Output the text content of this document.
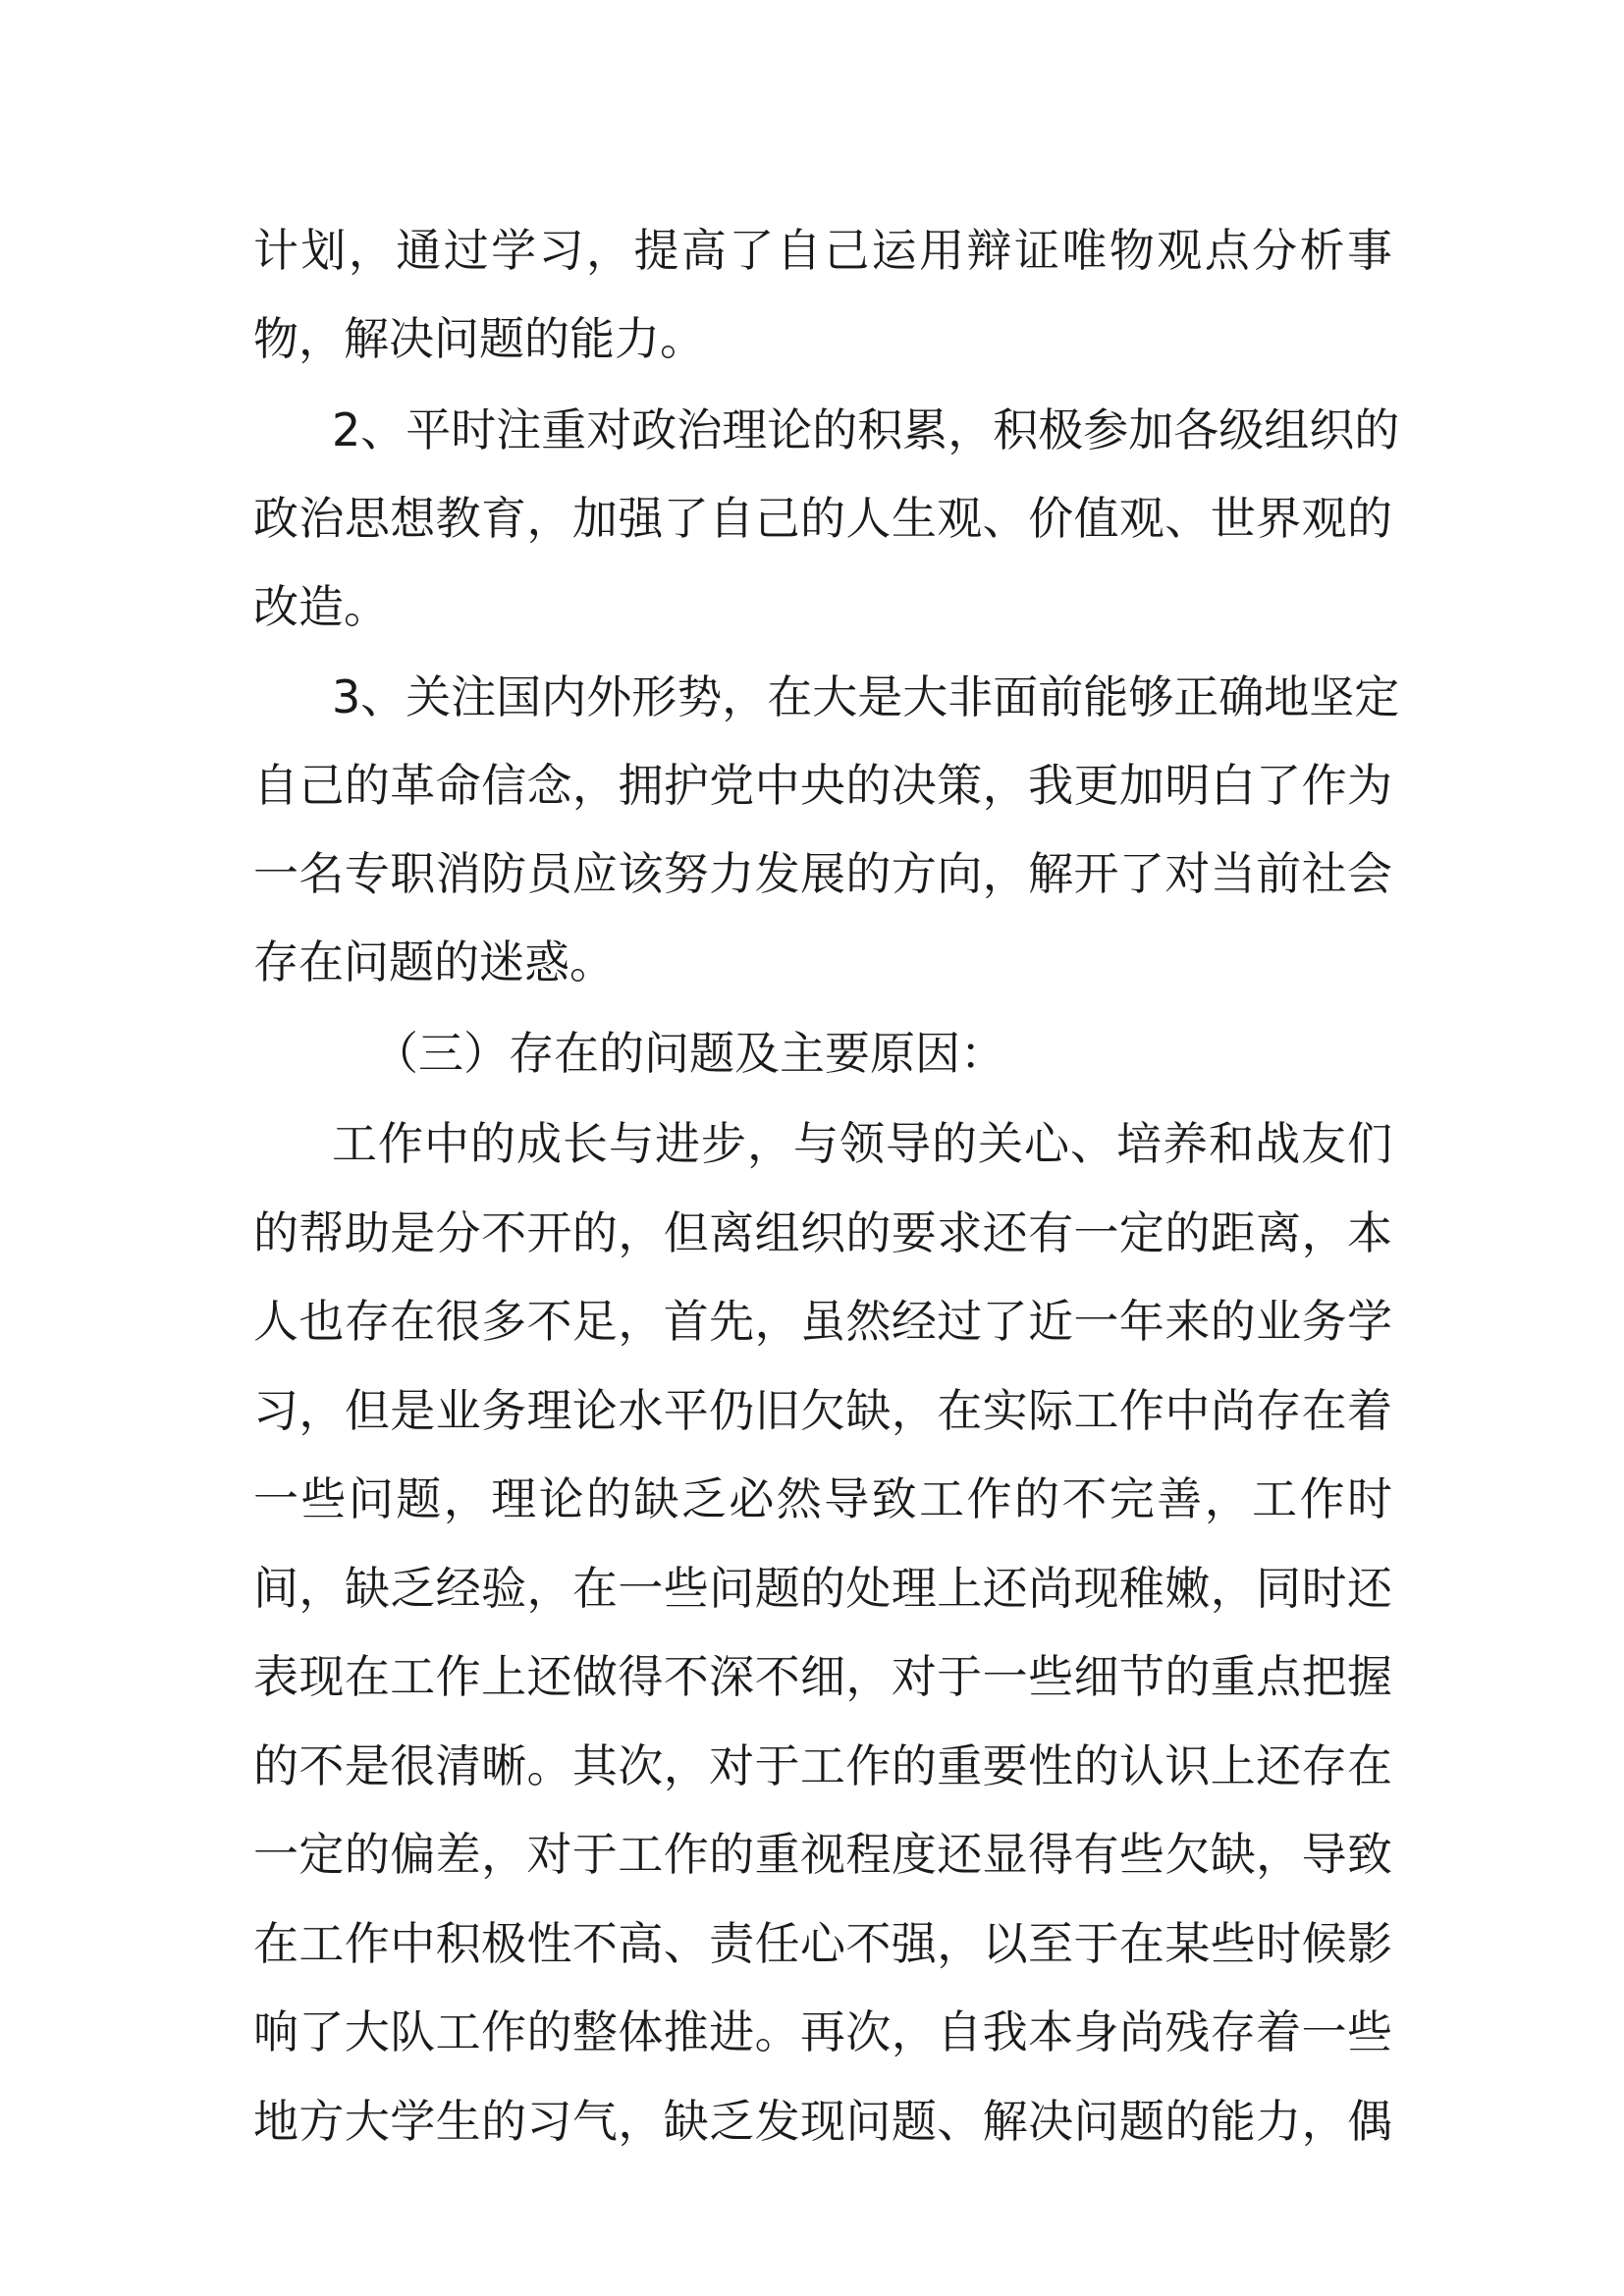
计划，通过学习，提高了自己运用辩证唯物观点分析事
物，解决问题的能力。
2、平时注重对政治理论的积累，积极参加各级组织的
政治思想教育，加强了自己的人生观、价值观、世界观的
改造。
3、关注国内外形势，在大是大非面前能够正确地坚定
自己的革命信念，拥护党中央的决策，我更加明白了作为
一名专职消防员应该努力发展的方向，解开了对当前社会
存在问题的迷惑。
（三）存在的问题及主要原因：
工作中的成长与进步，与领导的关心、培养和战友们
的帮助是分不开的，但离组织的要求还有一定的距离，本
人也存在很多不足，首先，虽然经过了近一年来的业务学
习，但是业务理论水平仍旧欠缺，在实际工作中尚存在着
一些问题，理论的缺乏必然导致工作的不完善，工作时
间，缺乏经验，在一些问题的处理上还尚现稚嫩，同时还
表现在工作上还做得不深不细，对于一些细节的重点把握
的不是很清晰。其次，对于工作的重要性的认识上还存在
一定的偏差，对于工作的重视程度还显得有些欠缺，导致
在工作中积极性不高、责任心不强，以至于在某些时候影
响了大队工作的整体推进。再次，自我本身尚残存着一些
地方大学生的习气，缺乏发现问题、解决问题的能力，偶
